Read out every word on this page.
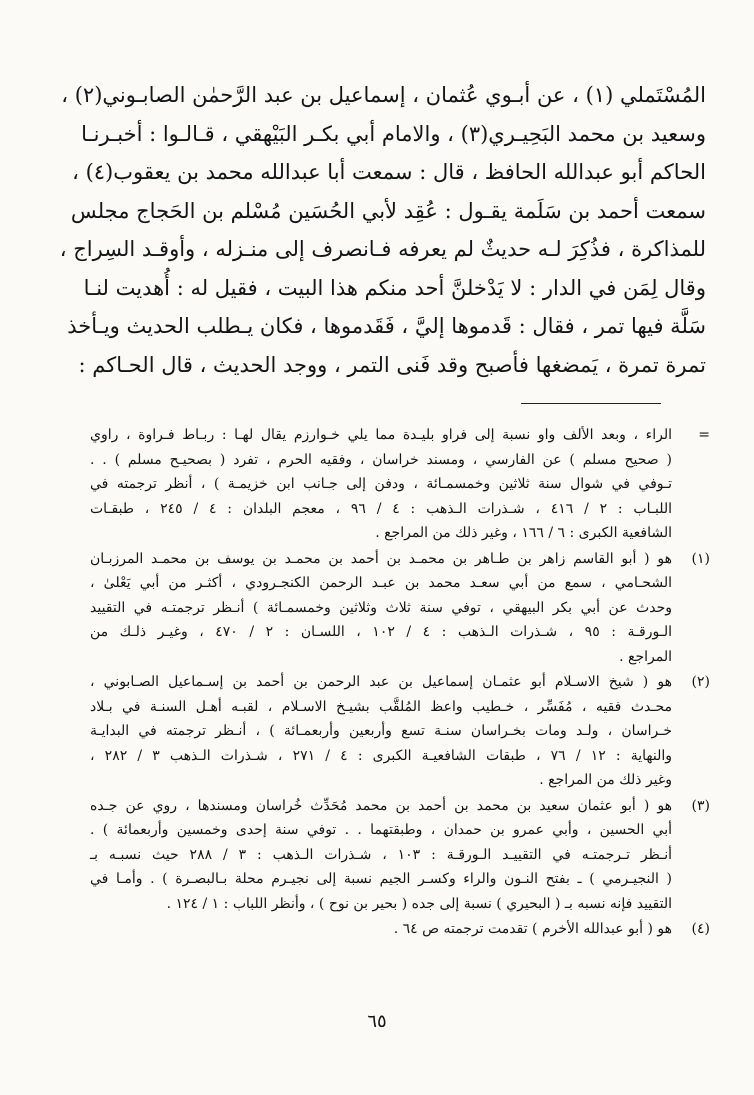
المُسْتَملي (١) ، عن أبـوي عُثمان ، إسماعيل بن عبد الرَّحمٰن الصابـوني(٢) ،
وسعيد بن محمد البَحِيـري(٣) ، والامام أبي بكـر البَيْهقي ، قـالـوا : أخبـرنـا
الحاكم أبو عبدالله الحافظ ، قال : سمعت أبا عبدالله محمد بن يعقوب(٤) ،
سمعت أحمد بن سَلَمة يقـول : عُقِد لأبي الحُسَين مُسْلم بن الحَجاج مجلس
للمذاكرة ، فذُكِرَ لـه حديثٌ لم يعرفه فـانصرف إلى منـزله ، وأوقـد السِراج ،
وقال لِمَن في الدار : لا يَدْخلنَّ أحد منكم هذا البيت ، فقيل له : أُهديت لنـا
سَلَّة فيها تمر ، فقال : قَدموها إليَّ ، فَقَدموها ، فكان يـطلب الحديث ويـأخذ
تمرة تمرة ، يَمضغها فأصبح وقد فَنى التمر ، ووجد الحديث ، قال الحـاكم :
=
الراء ، وبعد الألف واو نسبة إلى فراو بليـدة مما يلي خـوارزم يقال لهـا : ربـاط فـراوة ، راوي
( صحيح مسلم ) عن الفارسي ، ومسند خراسان ، وفقيه الحرم ، تفرد ( بصحيـح مسلم ) . .
تـوفي في شوال سنة ثلاثين وخمسمـائة ، ودفن إلى جـانب ابن خزيمـة ) ، أنظر ترجمته في
اللبـاب : ٢ / ٤١٦ ، شـذرات الـذهب : ٤ / ٩٦ ، معجم البلدان : ٤ / ٢٤٥ ، طبقـات
الشافعية الكبرى : ٦ / ١٦٦ ، وغير ذلك من المراجع .
(١)
هو ( أبو القاسم زاهر بن طـاهر بن محمـد بن أحمد بن محمـد بن يوسف بن محمـد المرزبـان
الشحـامي ، سمع من أبي سعـد محمد بن عبـد الرحمن الكنجـرودي ، أكثـر من أبي يَعْلىٰ ،
وحدث عن أبي بكر البيهقي ، توفي سنة ثلاث وثلاثين وخمسمـائة ) أنـظر ترجمتـه في التقييد
الـورقـة : ٩٥ ، شـذرات الـذهب : ٤ / ١٠٢ ، اللسـان : ٢ / ٤٧٠ ، وغيـر ذلـك من
المراجع .
(٢)
هو ( شيخ الاسـلام أبو عثمـان إسماعيل بن عبد الرحمن بن أحمد بن إسـماعيل الصـابوني ،
محـدث فقيه ، مُفَسِّر ، خـطيب واعظ المُلقَّب بشيـخ الاسـلام ، لقبـه أهـل السنـة في بـلاد
خـراسان ، ولـد ومات بخـراسان سنـة تسع وأربعين وأربعمـائة ) ، أنـظر ترجمته في البدايـة
والنهاية : ١٢ / ٧٦ ، طبقات الشافعيـة الكبرى : ٤ / ٢٧١ ، شـذرات الـذهب ٣ / ٢٨٢ ،
وغير ذلك من المراجع .
(٣)
هو ( أبو عثمان سعيد بن محمد بن أحمد بن محمد مُحَدِّث خُراسان ومسندها ، روي عن جـده
أبي الحسين ، وأبي عمرو بن حمدان ، وطبقتهما . . توفي سنة إحدى وخمسين وأربعمائة ) .
أنـظر تـرجمتـه في التقييـد الـورقـة : ١٠٣ ، شـذرات الـذهب : ٣ / ٢٨٨ حيث نسبـه بـ
( النجيـرمي ) ـ بفتح النـون والراء وكسـر الجيم نسبة إلى نجيـرم محلة بـالبصـرة ) . وأمـا في
التقييد فإنه نسبه بـ ( البحيري ) نسبة إلى جده ( بحير بن نوح ) ، وأنظر اللباب : ١ / ١٢٤ .
(٤)
هو ( أبو عبدالله الأخرم ) تقدمت ترجمته ص ٦٤ .
٦٥
